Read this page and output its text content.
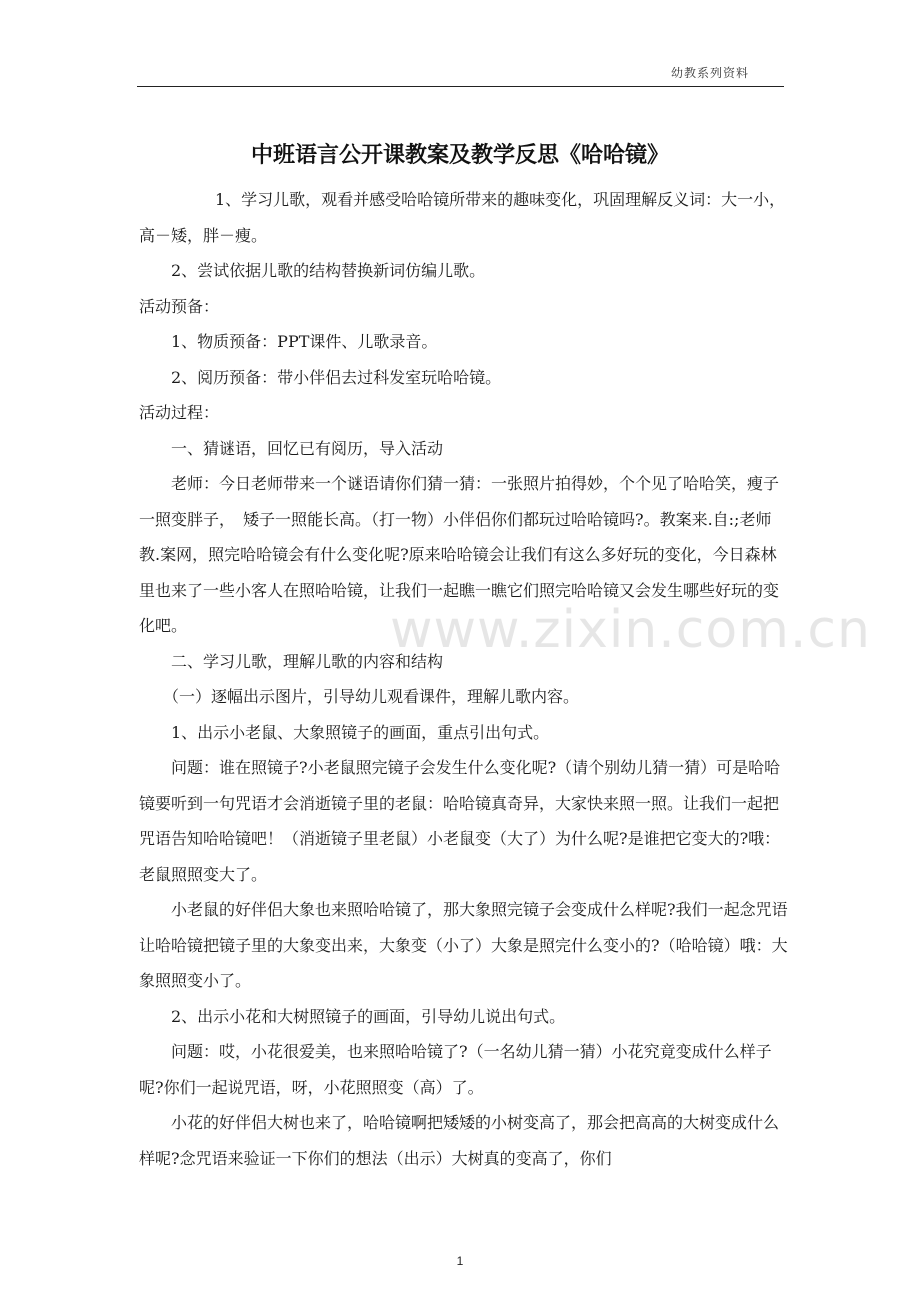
幼教系列资料
www.zixin.com.cn
中班语言公开课教案及教学反思《哈哈镜》

1、学习儿歌，观看并感受哈哈镜所带来的趣味变化，巩固理解反义词：大一小，高－矮，胖－瘦。

2、尝试依据儿歌的结构替换新词仿编儿歌。

活动预备：

1、物质预备：PPT课件、儿歌录音。

2、阅历预备：带小伴侣去过科发室玩哈哈镜。

活动过程：

一、猜谜语，回忆已有阅历，导入活动

老师：今日老师带来一个谜语请你们猜一猜：一张照片拍得妙，个个见了哈哈笑，瘦子一照变胖子，　矮子一照能长高。（打一物）小伴侣你们都玩过哈哈镜吗?。教案来.自:;老师教.案网，照完哈哈镜会有什么变化呢?原来哈哈镜会让我们有这么多好玩的变化，今日森林里也来了一些小客人在照哈哈镜，让我们一起瞧一瞧它们照完哈哈镜又会发生哪些好玩的变化吧。

二、学习儿歌，理解儿歌的内容和结构

（一）逐幅出示图片，引导幼儿观看课件，理解儿歌内容。

1、出示小老鼠、大象照镜子的画面，重点引出句式。

问题：谁在照镜子?小老鼠照完镜子会发生什么变化呢?（请个别幼儿猜一猜）可是哈哈镜要听到一句咒语才会消逝镜子里的老鼠：哈哈镜真奇异，大家快来照一照。让我们一起把咒语告知哈哈镜吧！（消逝镜子里老鼠）小老鼠变（大了）为什么呢?是谁把它变大的?哦：老鼠照照变大了。

小老鼠的好伴侣大象也来照哈哈镜了，那大象照完镜子会变成什么样呢?我们一起念咒语让哈哈镜把镜子里的大象变出来，大象变（小了）大象是照完什么变小的?（哈哈镜）哦：大象照照变小了。

2、出示小花和大树照镜子的画面，引导幼儿说出句式。

问题：哎，小花很爱美，也来照哈哈镜了?（一名幼儿猜一猜）小花究竟变成什么样子呢?你们一起说咒语，呀，小花照照变（高）了。

小花的好伴侣大树也来了，哈哈镜啊把矮矮的小树变高了，那会把高高的大树变成什么样呢?念咒语来验证一下你们的想法（出示）大树真的变高了，你们

1
